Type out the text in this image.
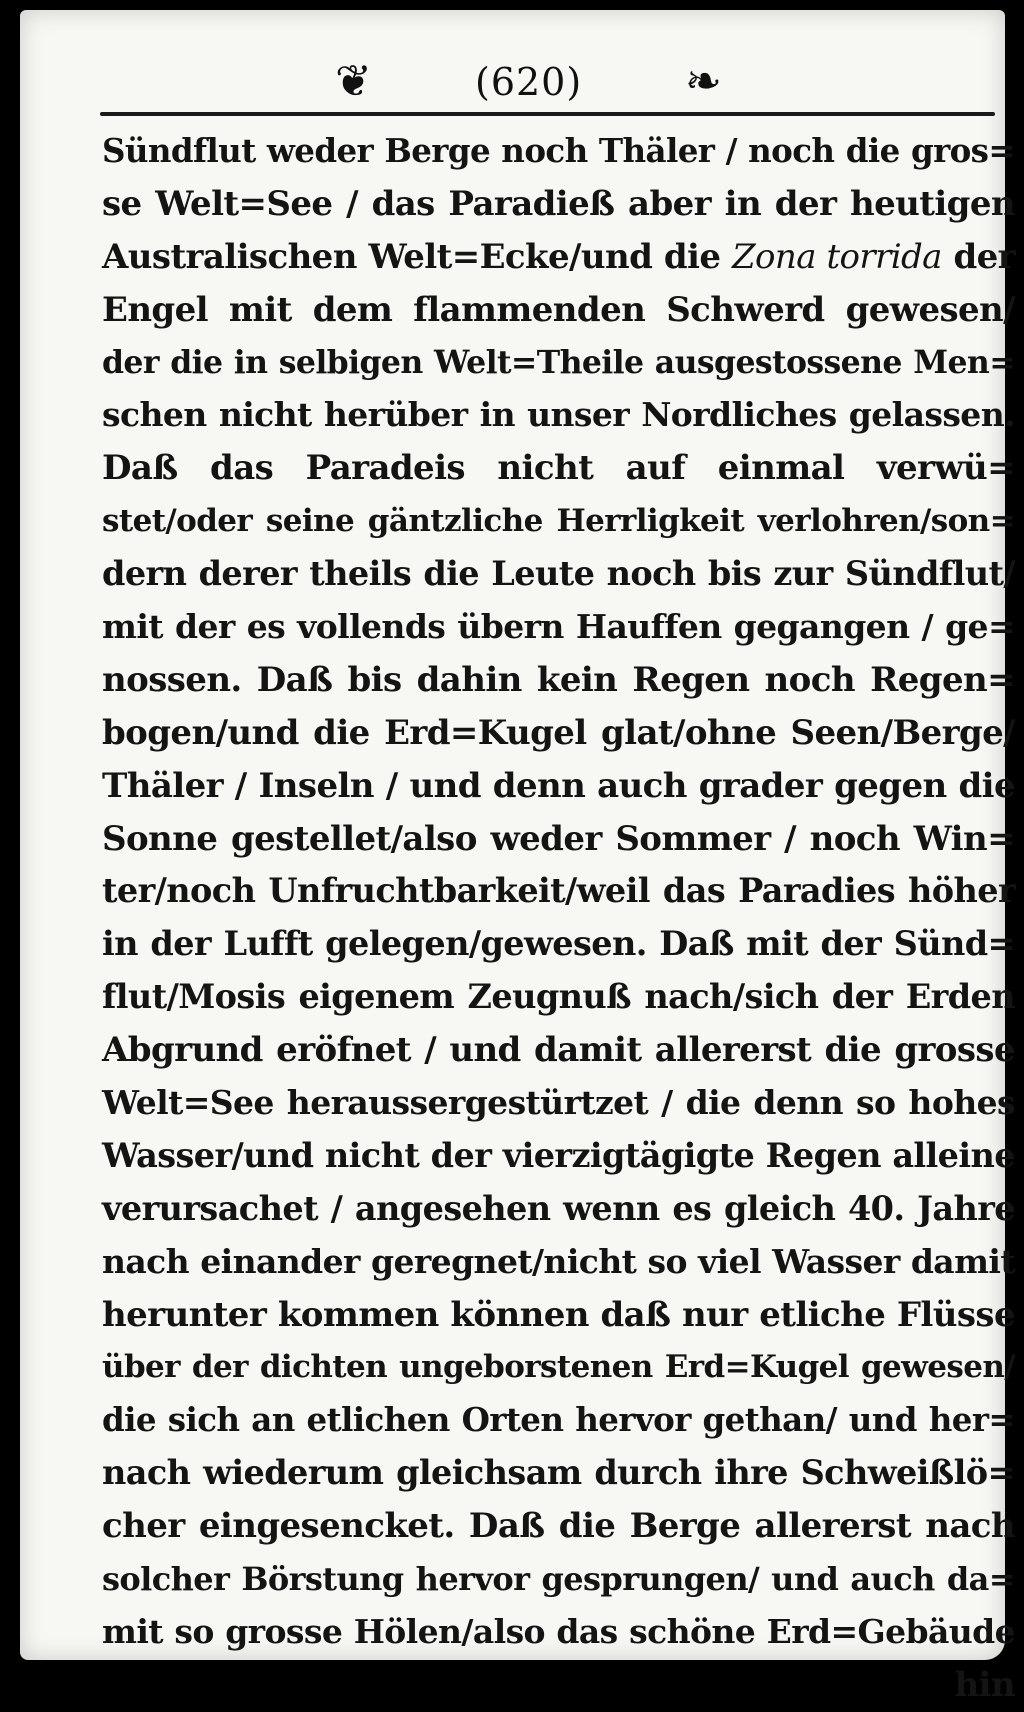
❦	(620) ❧
Sündflut weder Berge noch Thäler / noch die gros=
se Welt=See / das Paradieß aber in der heutigen
Australischen Welt=Ecke/und die Zona torrida der
Engel mit dem flammenden Schwerd gewesen/
der die in selbigen Welt=Theile ausgestossene Men=
schen nicht herüber in unser Nordliches gelassen.
Daß das Paradeis nicht auf einmal verwü=
stet/oder seine gäntzliche Herrligkeit verlohren/son=
dern derer theils die Leute noch bis zur Sündflut/
mit der es vollends übern Hauffen gegangen / ge=
nossen. Daß bis dahin kein Regen noch Regen=
bogen/und die Erd=Kugel glat/ohne Seen/Berge/
Thäler / Inseln / und denn auch grader gegen die
Sonne gestellet/also weder Sommer / noch Win=
ter/noch Unfruchtbarkeit/weil das Paradies höher
in der Lufft gelegen/gewesen. Daß mit der Sünd=
flut/Mosis eigenem Zeugnuß nach/sich der Erden
Abgrund eröfnet / und damit allererst die grosse
Welt=See heraussergestürtzet / die denn so hohes
Wasser/und nicht der vierzigtägigte Regen alleine
verursachet / angesehen wenn es gleich 40. Jahre
nach einander geregnet/nicht so viel Wasser damit
herunter kommen können daß nur etliche Flüsse
über der dichten ungeborstenen Erd=Kugel gewesen/
die sich an etlichen Orten hervor gethan/ und her=
nach wiederum gleichsam durch ihre Schweißlö=
cher eingesencket. Daß die Berge allererst nach
solcher Börstung hervor gesprungen/ und auch da=
mit so grosse Hölen/also das schöne Erd=Gebäude
hin
